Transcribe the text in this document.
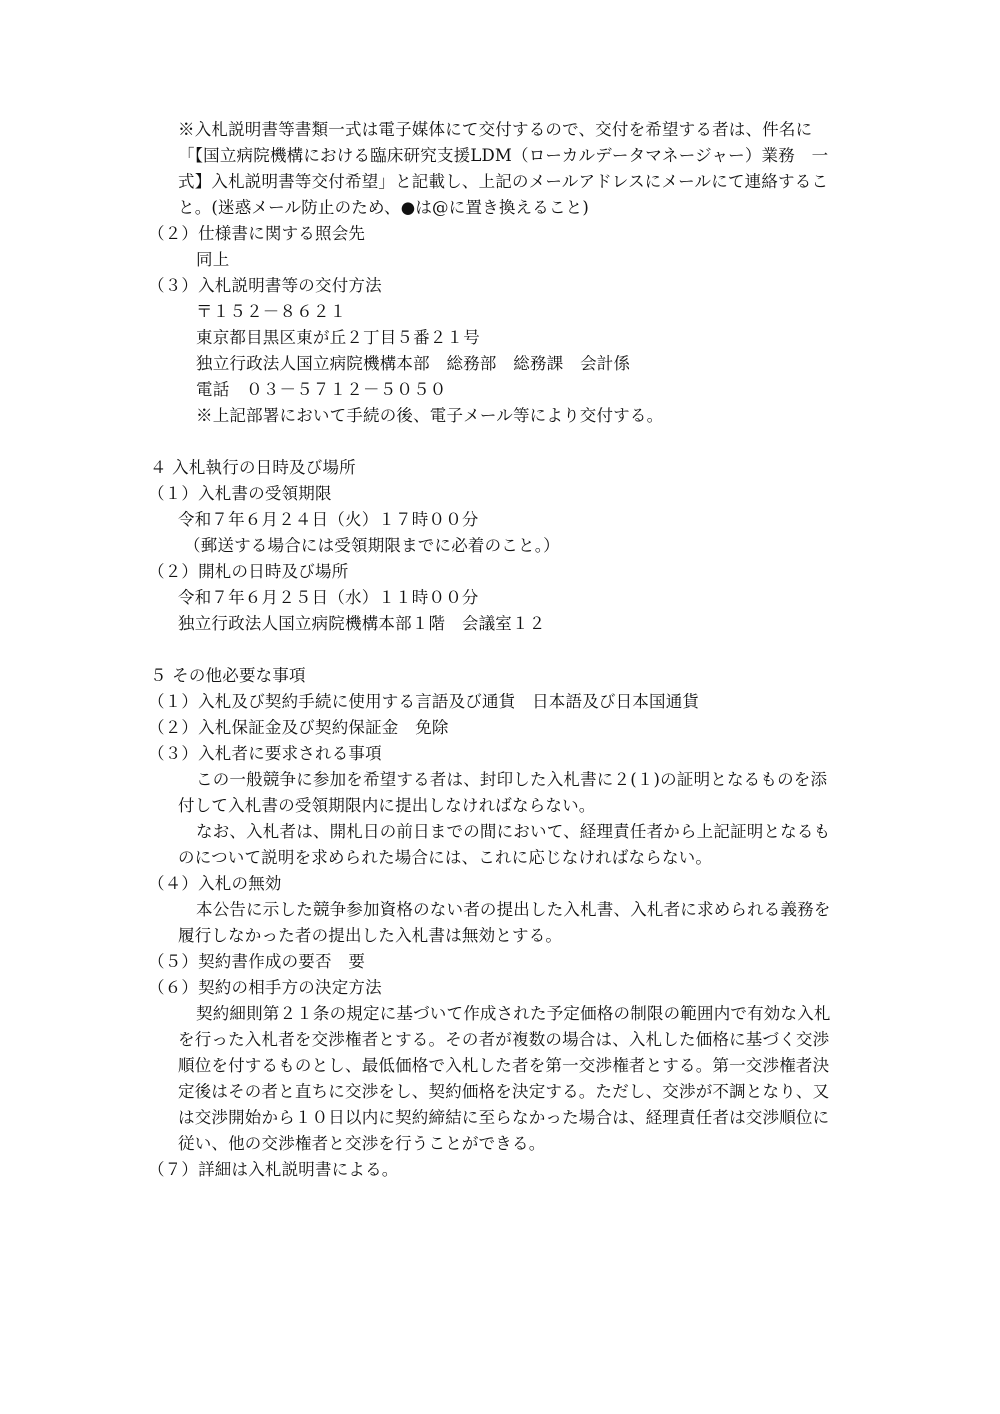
※入札説明書等書類一式は電子媒体にて交付するので、交付を希望する者は、件名に
「【国立病院機構における臨床研究支援LDM（ローカルデータマネージャー）業務　一
式】入札説明書等交付希望」と記載し、上記のメールアドレスにメールにて連絡するこ
と。(迷惑メール防止のため、●は@に置き換えること)
（２）仕様書に関する照会先
同上
（３）入札説明書等の交付方法
〒１５２－８６２１
東京都目黒区東が丘２丁目５番２１号
独立行政法人国立病院機構本部　総務部　総務課　会計係
電話　０３－５７１２－５０５０
※上記部署において手続の後、電子メール等により交付する。
４ 入札執行の日時及び場所
（１）入札書の受領期限
令和７年６月２４日（火）１７時００分
（郵送する場合には受領期限までに必着のこと。）
（２）開札の日時及び場所
令和７年６月２５日（水）１１時００分
独立行政法人国立病院機構本部１階　会議室１２
５ その他必要な事項
（１）入札及び契約手続に使用する言語及び通貨　日本語及び日本国通貨
（２）入札保証金及び契約保証金　免除
（３）入札者に要求される事項
この一般競争に参加を希望する者は、封印した入札書に２(１)の証明となるものを添
付して入札書の受領期限内に提出しなければならない。
なお、入札者は、開札日の前日までの間において、経理責任者から上記証明となるも
のについて説明を求められた場合には、これに応じなければならない。
（４）入札の無効
本公告に示した競争参加資格のない者の提出した入札書、入札者に求められる義務を
履行しなかった者の提出した入札書は無効とする。
（５）契約書作成の要否　要
（６）契約の相手方の決定方法
契約細則第２１条の規定に基づいて作成された予定価格の制限の範囲内で有効な入札
を行った入札者を交渉権者とする。その者が複数の場合は、入札した価格に基づく交渉
順位を付するものとし、最低価格で入札した者を第一交渉権者とする。第一交渉権者決
定後はその者と直ちに交渉をし、契約価格を決定する。ただし、交渉が不調となり、又
は交渉開始から１０日以内に契約締結に至らなかった場合は、経理責任者は交渉順位に
従い、他の交渉権者と交渉を行うことができる。
（７）詳細は入札説明書による。
